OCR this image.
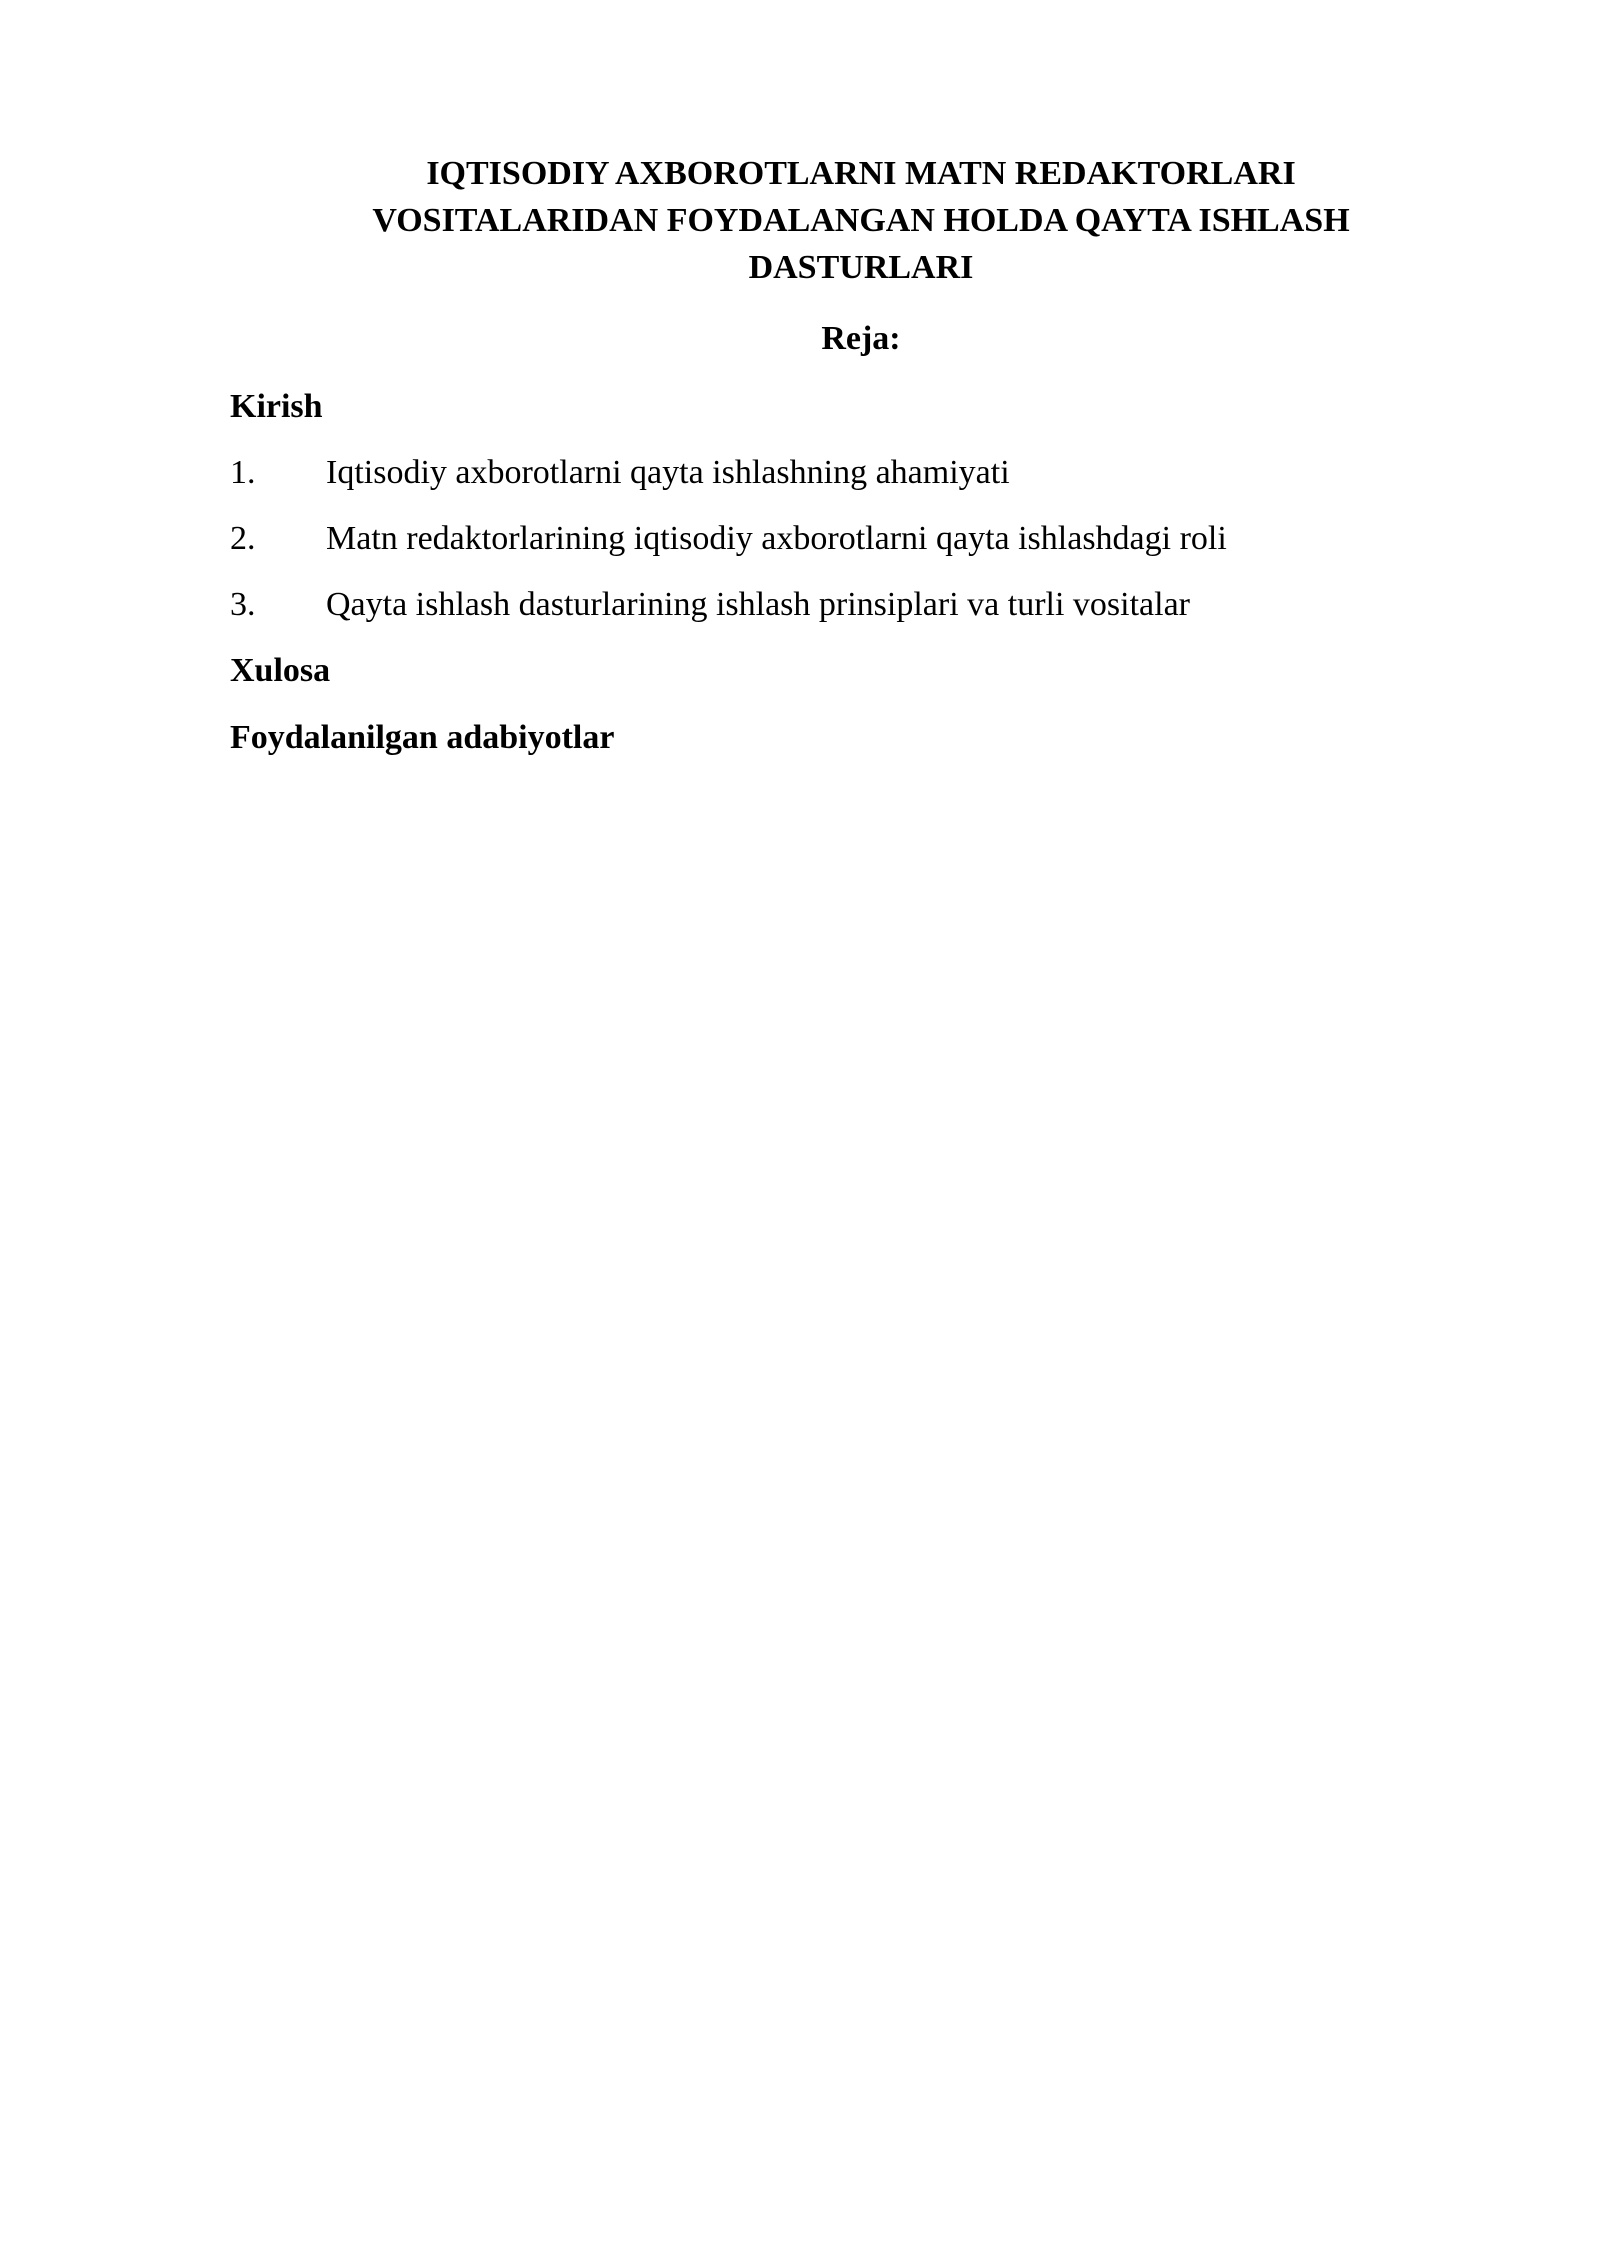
IQTISODIY AXBOROTLARNI MATN REDAKTORLARI
VOSITALARIDAN FOYDALANGAN HOLDA QAYTA ISHLASH
DASTURLARI
Reja:
Kirish
1. Iqtisodiy axborotlarni qayta ishlashning ahamiyati
2. Matn redaktorlarining iqtisodiy axborotlarni qayta ishlashdagi roli
3. Qayta ishlash dasturlarining ishlash prinsiplari va turli vositalar
Xulosa
Foydalanilgan adabiyotlar
